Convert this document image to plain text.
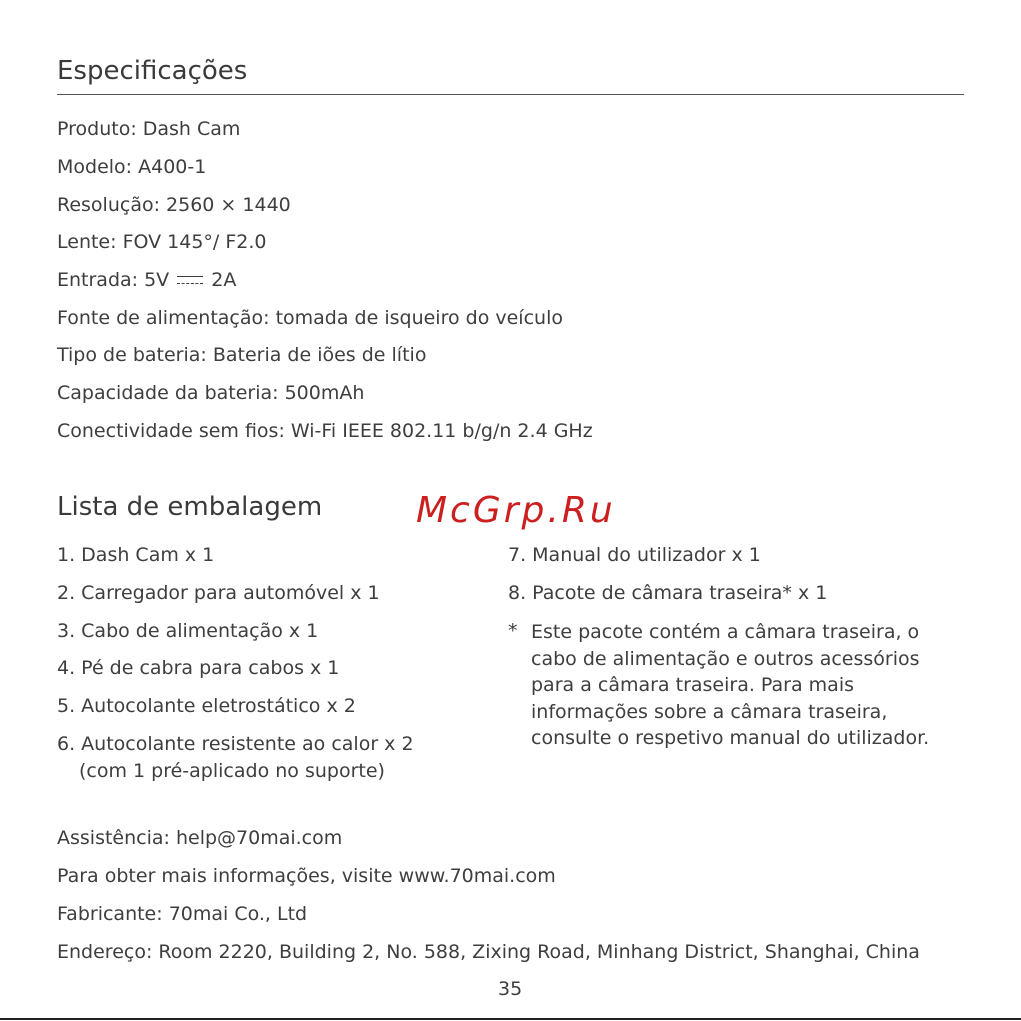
Especificações
Produto: Dash Cam
Modelo: A400-1
Resolução: 2560 × 1440
Lente: FOV 145°/ F2.0
Entrada: 5V 2A
Fonte de alimentação: tomada de isqueiro do veículo
Tipo de bateria: Bateria de iões de lítio
Capacidade da bateria: 500mAh
Conectividade sem fios: Wi-Fi IEEE 802.11 b/g/n 2.4 GHz
Lista de embalagem	McGrp.Ru
1. Dash Cam x 1
2. Carregador para automóvel x 1
3. Cabo de alimentação x 1
4. Pé de cabra para cabos x 1
5. Autocolante eletrostático x 2
6. Autocolante resistente ao calor x 2
(com 1 pré-aplicado no suporte)
7. Manual do utilizador x 1
8. Pacote de câmara traseira* x 1
* Este pacote contém a câmara traseira, o
cabo de alimentação e outros acessórios
para a câmara traseira. Para mais
informações sobre a câmara traseira,
consulte o respetivo manual do utilizador.
Assistência: help@70mai.com
Para obter mais informações, visite www.70mai.com
Fabricante: 70mai Co., Ltd
Endereço: Room 2220, Building 2, No. 588, Zixing Road, Minhang District, Shanghai, China
35
